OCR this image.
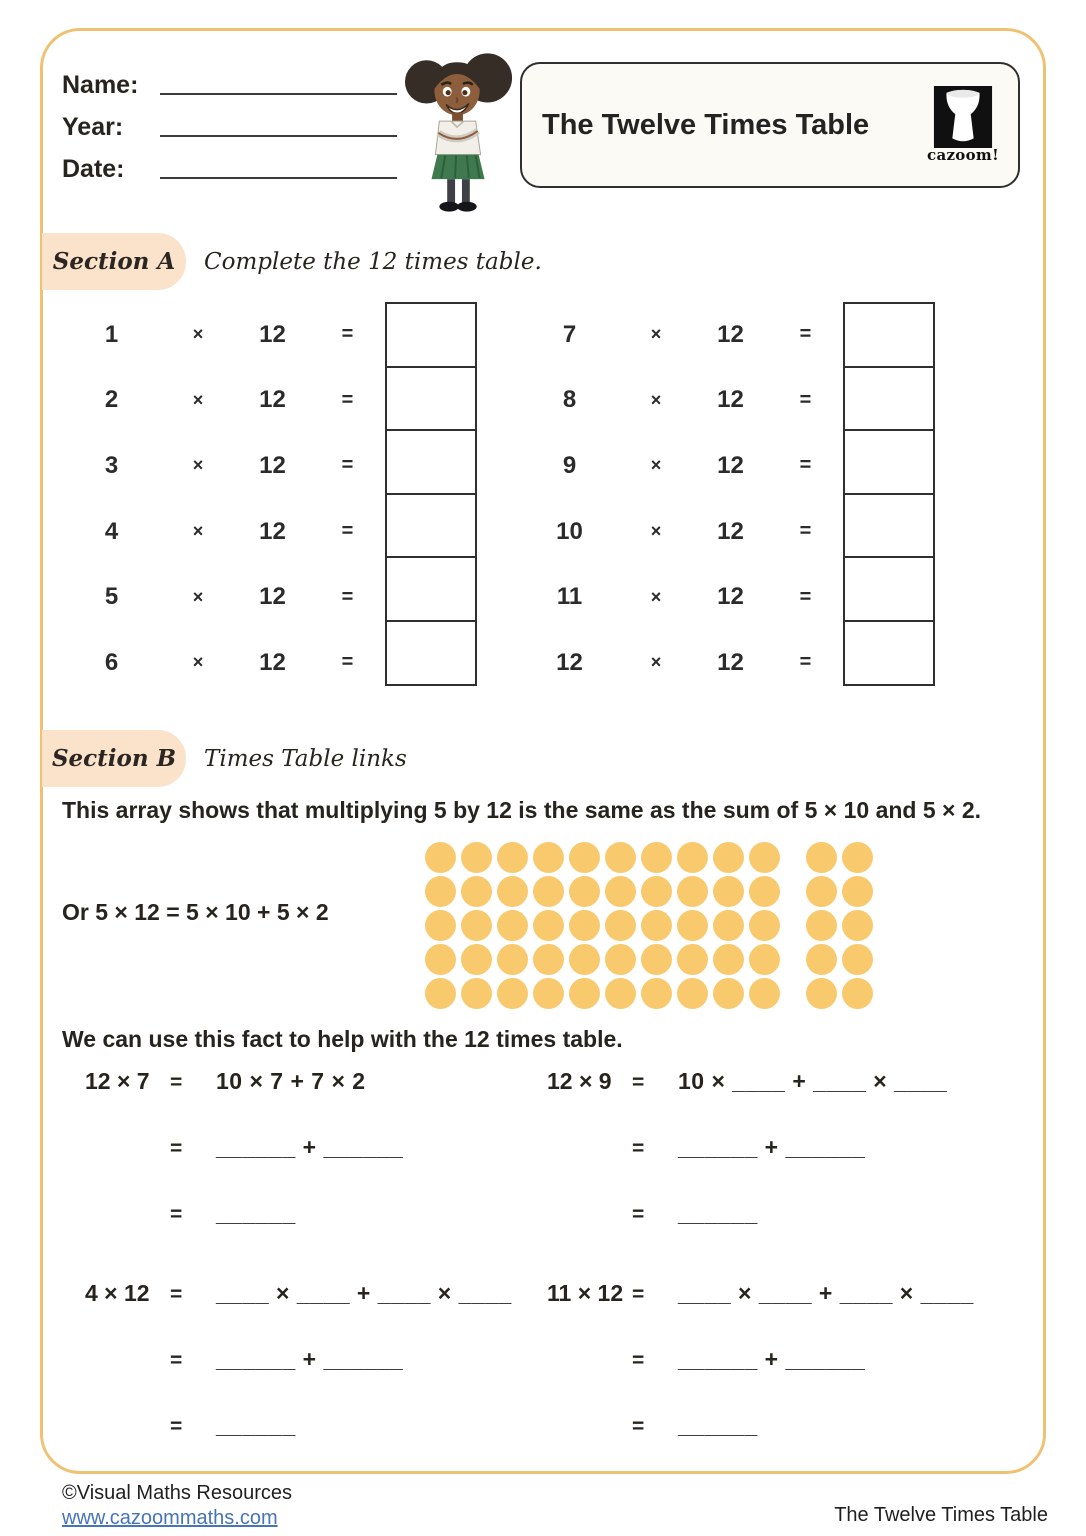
Name:
Year:
Date:
The Twelve Times Table
cazoom!
Section A	Complete the 12 times table.
1	×	12	=
2	×	12	=
3	×	12	=
4	×	12	=
5	×	12	=
6	×	12	=
7	×	12	=
8	×	12	=
9	×	12	=
10	×	12	=
11	×	12	=
12	×	12	=
Section B	Times Table links
This array shows that multiplying 5 by 12 is the same as the sum of 5 × 10 and 5 × 2.
Or 5 × 12 = 5 × 10 + 5 × 2
We can use this fact to help with the 12 times table.
12 × 7 =	10 × 7 + 7 × 2
=	______ + ______
=	______
12 × 9 =	10 × ____ + ____ × ____
=	______ + ______
=	______
4 × 12 =	____ × ____ + ____ × ____
=	______ + ______
=	______
11 × 12 =	____ × ____ + ____ × ____
=	______ + ______
=	______
©Visual Maths Resources
www.cazoommaths.com	The Twelve Times Table
